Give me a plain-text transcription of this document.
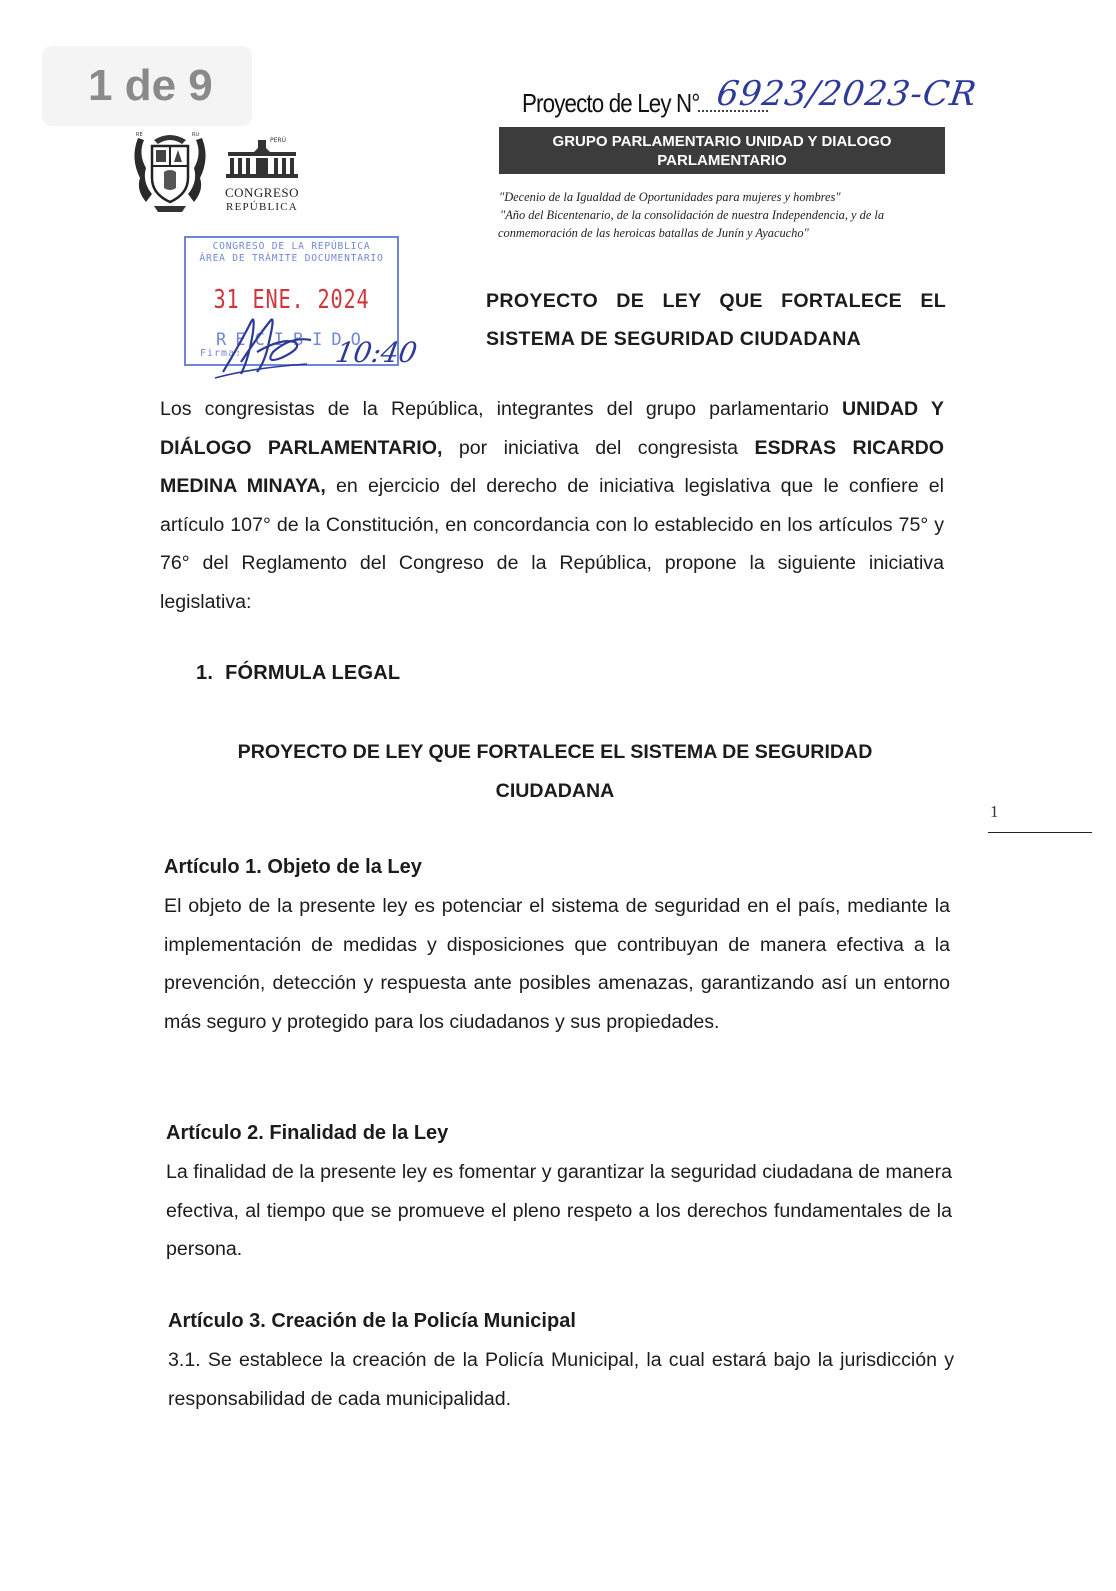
1 de 9
RE	RU
PERÚ
CONGRESO
REPÚBLICA
Proyecto de Ley N° 6923/2023-CR
GRUPO PARLAMENTARIO UNIDAD Y DIALOGO
PARLAMENTARIO
"Decenio de la Igualdad de Oportunidades para mujeres y hombres"
"Año del Bicentenario, de la consolidación de nuestra Independencia, y de la
conmemoración de las heroicas batallas de Junín y Ayacucho"
CONGRESO DE LA REPÚBLICA
ÁREA DE TRÁMITE DOCUMENTARIO
31 ENE. 2024
RECIBIDO
Firma:	10:40
PROYECTO DE LEY QUE FORTALECE EL
SISTEMA DE SEGURIDAD CIUDADANA
Los congresistas de la República, integrantes del grupo parlamentario UNIDAD Y DIÁLOGO PARLAMENTARIO, por iniciativa del congresista ESDRAS RICARDO MEDINA MINAYA, en ejercicio del derecho de iniciativa legislativa que le confiere el artículo 107° de la Constitución, en concordancia con lo establecido en los artículos 75° y 76° del Reglamento del Congreso de la República, propone la siguiente iniciativa legislativa:
1. FÓRMULA LEGAL
PROYECTO DE LEY QUE FORTALECE EL SISTEMA DE SEGURIDAD
CIUDADANA
Artículo 1. Objeto de la Ley
El objeto de la presente ley es potenciar el sistema de seguridad en el país, mediante la implementación de medidas y disposiciones que contribuyan de manera efectiva a la prevención, detección y respuesta ante posibles amenazas, garantizando así un entorno más seguro y protegido para los ciudadanos y sus propiedades.
Artículo 2. Finalidad de la Ley
La finalidad de la presente ley es fomentar y garantizar la seguridad ciudadana de manera efectiva, al tiempo que se promueve el pleno respeto a los derechos fundamentales de la persona.
Artículo 3. Creación de la Policía Municipal
3.1. Se establece la creación de la Policía Municipal, la cual estará bajo la jurisdicción y responsabilidad de cada municipalidad.
1
